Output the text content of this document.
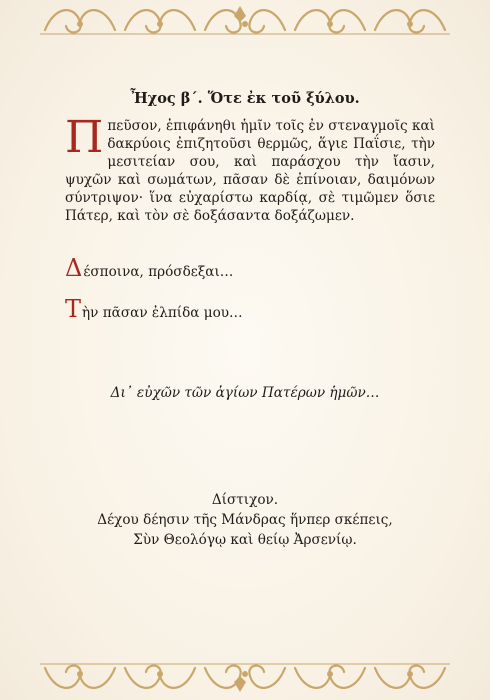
Ἦχος β΄. Ὅτε ἐκ τοῦ ξύλου.
Π πεῦσον, ἐπιφάνηθι ἡμῖν τοῖς ἐν στεναγμοῖς καὶ δακρύοις ἐπιζητοῦσι θερμῶς, ἅγιε Παΐσιε, τὴν μεσιτείαν σου, καὶ παράσχου τὴν ἴασιν, ψυχῶν καὶ σωμάτων, πᾶσαν δὲ ἐπίνοιαν, δαιμόνων σύντριψον· ἵνα εὐχαρίστω καρδίᾳ, σὲ τιμῶμεν ὅσιε Πάτερ, καὶ τὸν σὲ δοξάσαντα δοξάζωμεν.
Δέσποινα, πρόσδεξαι…
Τὴν πᾶσαν ἐλπίδα μου…
Δι᾽ εὐχῶν τῶν ἁγίων Πατέρων ἡμῶν…
Δίστιχον.
Δέχου δέησιν τῆς Μάνδρας ἥνπερ σκέπεις,
Σὺν Θεολόγῳ καὶ θείῳ Ἀρσενίῳ.
